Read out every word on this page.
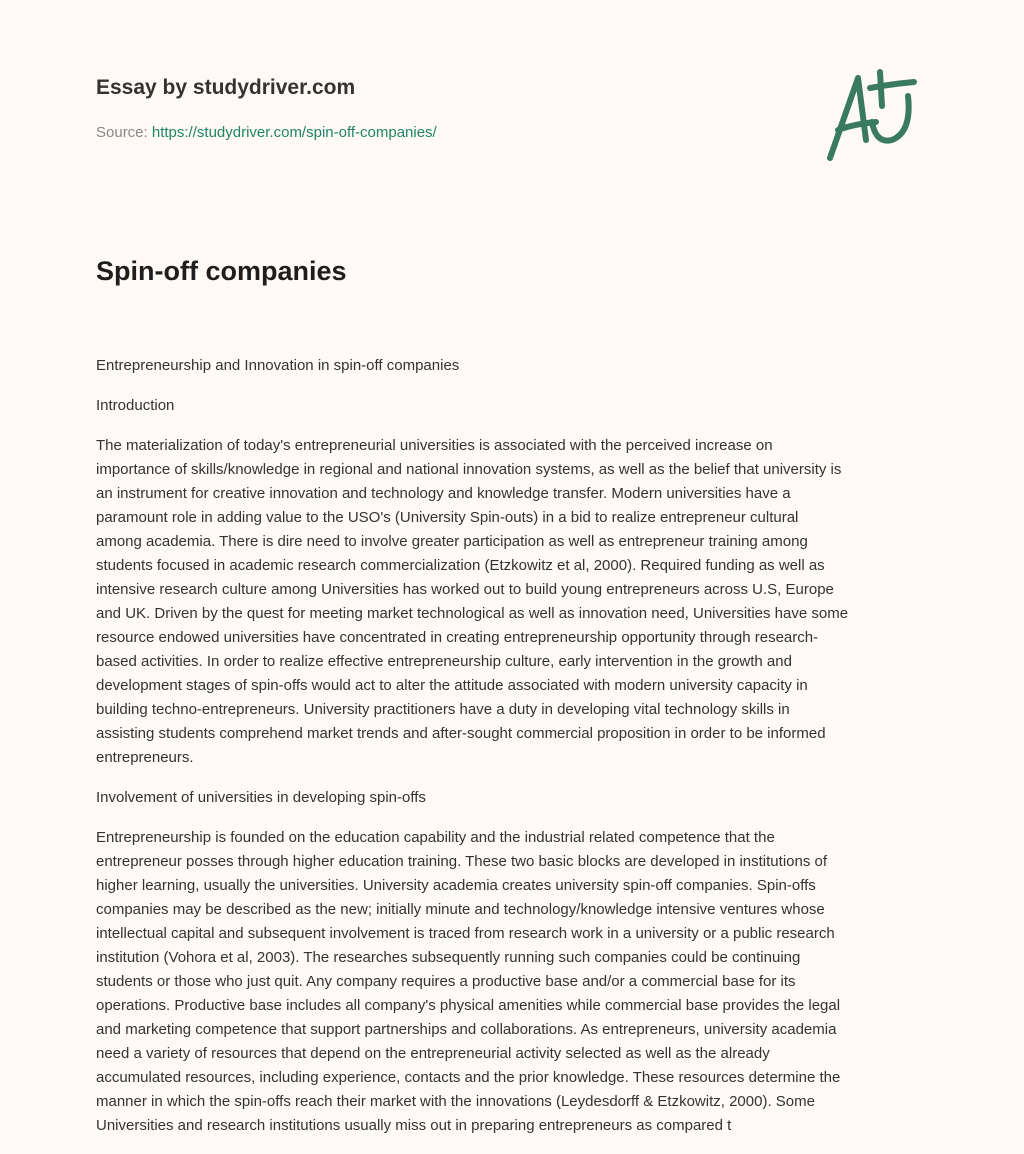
Essay by studydriver.com
Source: https://studydriver.com/spin-off-companies/
Spin-off companies

Entrepreneurship and Innovation in spin-off companies

Introduction

The materialization of today's entrepreneurial universities is associated with the perceived increase on
importance of skills/knowledge in regional and national innovation systems, as well as the belief that university is
an instrument for creative innovation and technology and knowledge transfer. Modern universities have a
paramount role in adding value to the USO's (University Spin-outs) in a bid to realize entrepreneur cultural
among academia. There is dire need to involve greater participation as well as entrepreneur training among
students focused in academic research commercialization (Etzkowitz et al, 2000). Required funding as well as
intensive research culture among Universities has worked out to build young entrepreneurs across U.S, Europe
and UK. Driven by the quest for meeting market technological as well as innovation need, Universities have some
resource endowed universities have concentrated in creating entrepreneurship opportunity through research-
based activities. In order to realize effective entrepreneurship culture, early intervention in the growth and
development stages of spin-offs would act to alter the attitude associated with modern university capacity in
building techno-entrepreneurs. University practitioners have a duty in developing vital technology skills in
assisting students comprehend market trends and after-sought commercial proposition in order to be informed
entrepreneurs.

Involvement of universities in developing spin-offs

Entrepreneurship is founded on the education capability and the industrial related competence that the
entrepreneur posses through higher education training. These two basic blocks are developed in institutions of
higher learning, usually the universities. University academia creates university spin-off companies. Spin-offs
companies may be described as the new; initially minute and technology/knowledge intensive ventures whose
intellectual capital and subsequent involvement is traced from research work in a university or a public research
institution (Vohora et al, 2003). The researches subsequently running such companies could be continuing
students or those who just quit. Any company requires a productive base and/or a commercial base for its
operations. Productive base includes all company's physical amenities while commercial base provides the legal
and marketing competence that support partnerships and collaborations. As entrepreneurs, university academia
need a variety of resources that depend on the entrepreneurial activity selected as well as the already
accumulated resources, including experience, contacts and the prior knowledge. These resources determine the
manner in which the spin-offs reach their market with the innovations (Leydesdorff & Etzkowitz, 2000). Some
Universities and research institutions usually miss out in preparing entrepreneurs as compared t
